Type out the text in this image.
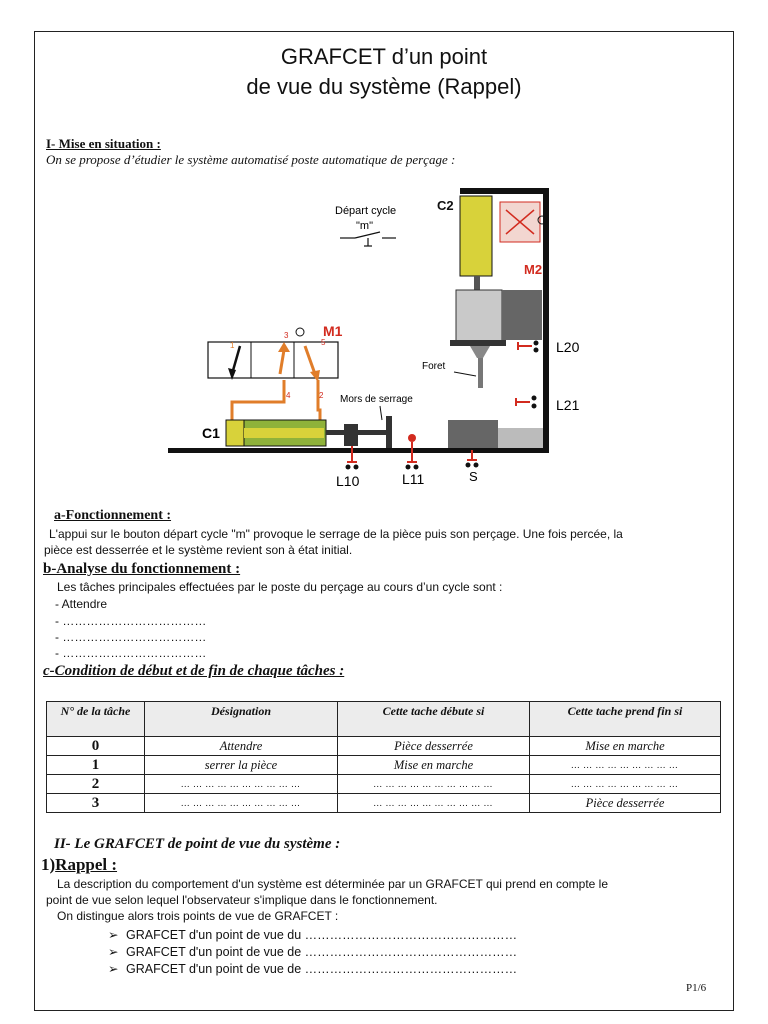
GRAFCET d’un point
de vue du système (Rappel)
I- Mise en situation :
On se propose d’étudier le système automatisé poste automatique de perçage :
Départ cycle
"m"
C2
M2
Foret
L20
L21
M1
3
5
4	2
1
C1
Mors de serrage
L10	L11	S
a-Fonctionnement :
L'appui sur le bouton départ cycle "m" provoque le serrage de la pièce puis son perçage. Une fois percée, la
pièce est desserrée et le système revient son à état initial.
b-Analyse du fonctionnement :
Les tâches principales effectuées par le poste du perçage au cours d’un cycle sont :
- Attendre
- ………………………………
- ………………………………
- ………………………………
c-Condition de début et de fin de chaque tâches :
N° de la tâche	Désignation	Cette tache débute si	Cette tache prend fin si
0	Attendre	Pièce desserrée	Mise en marche
1	serrer la pièce	Mise en marche	… … … … … … … … …
2	… … … … … … … … … …	… … … … … … … … … …	… … … … … … … … …
3	… … … … … … … … … …	… … … … … … … … … …	Pièce desserrée
II- Le GRAFCET de point de vue du système :
1)Rappel :
La description du comportement d'un système est déterminée par un GRAFCET qui prend en compte le
point de vue selon lequel l'observateur s'implique dans le fonctionnement.
On distingue alors trois points de vue de GRAFCET :
➢ GRAFCET d'un point de vue du ……………………………………………
➢ GRAFCET d'un point de vue de ……………………………………………
➢ GRAFCET d'un point de vue de ……………………………………………
P1/6
